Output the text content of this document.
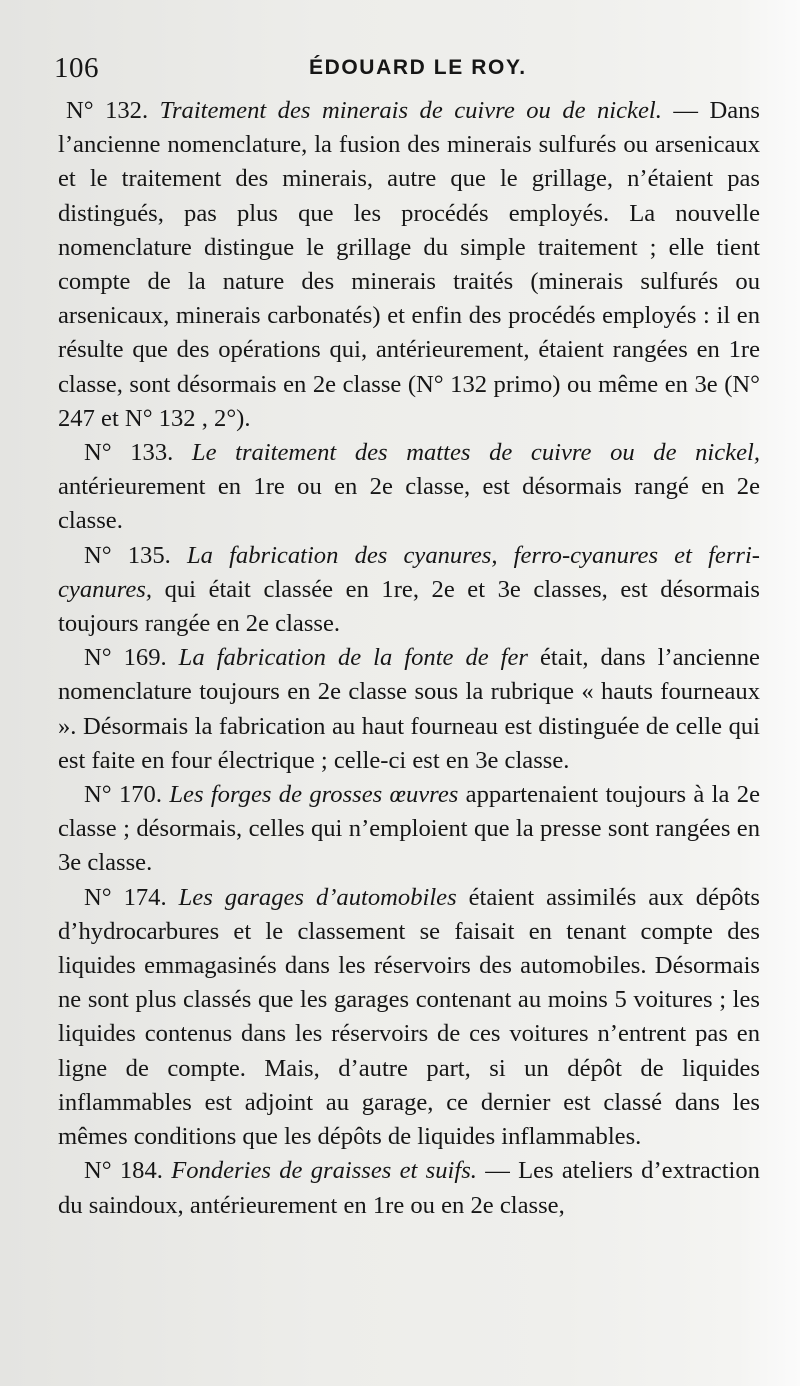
106	ÉDOUARD LE ROY.

N° 132. Traitement des minerais de cuivre ou de nickel. — Dans l’ancienne nomenclature, la fusion des minerais sulfurés ou arsenicaux et le traitement des minerais, autre que le grillage, n’étaient pas distingués, pas plus que les procédés employés. La nouvelle nomenclature distingue le grillage du simple traitement ; elle tient compte de la nature des minerais traités (minerais sulfurés ou arsenicaux, minerais carbonatés) et enfin des procédés employés : il en résulte que des opérations qui, antérieurement, étaient rangées en 1re classe, sont désormais en 2e classe (N° 132 primo) ou même en 3e (N° 247 et N° 132 , 2°).

N° 133. Le traitement des mattes de cuivre ou de nickel, antérieurement en 1re ou en 2e classe, est désormais rangé en 2e classe.

N° 135. La fabrication des cyanures, ferro-cyanures et ferri-cyanures, qui était classée en 1re, 2e et 3e classes, est désormais toujours rangée en 2e classe.

N° 169. La fabrication de la fonte de fer était, dans l’ancienne nomenclature toujours en 2e classe sous la rubrique « hauts fourneaux ». Désormais la fabrication au haut fourneau est distinguée de celle qui est faite en four électrique ; celle-ci est en 3e classe.

N° 170. Les forges de grosses œuvres appartenaient toujours à la 2e classe ; désormais, celles qui n’emploient que la presse sont rangées en 3e classe.

N° 174. Les garages d’automobiles étaient assimilés aux dépôts d’hydrocarbures et le classement se faisait en tenant compte des liquides emmagasinés dans les réservoirs des automobiles. Désormais ne sont plus classés que les garages contenant au moins 5 voitures ; les liquides contenus dans les réservoirs de ces voitures n’entrent pas en ligne de compte. Mais, d’autre part, si un dépôt de liquides inflammables est adjoint au garage, ce dernier est classé dans les mêmes conditions que les dépôts de liquides inflammables.

N° 184. Fonderies de graisses et suifs. — Les ateliers d’extraction du saindoux, antérieurement en 1re ou en 2e classe,
